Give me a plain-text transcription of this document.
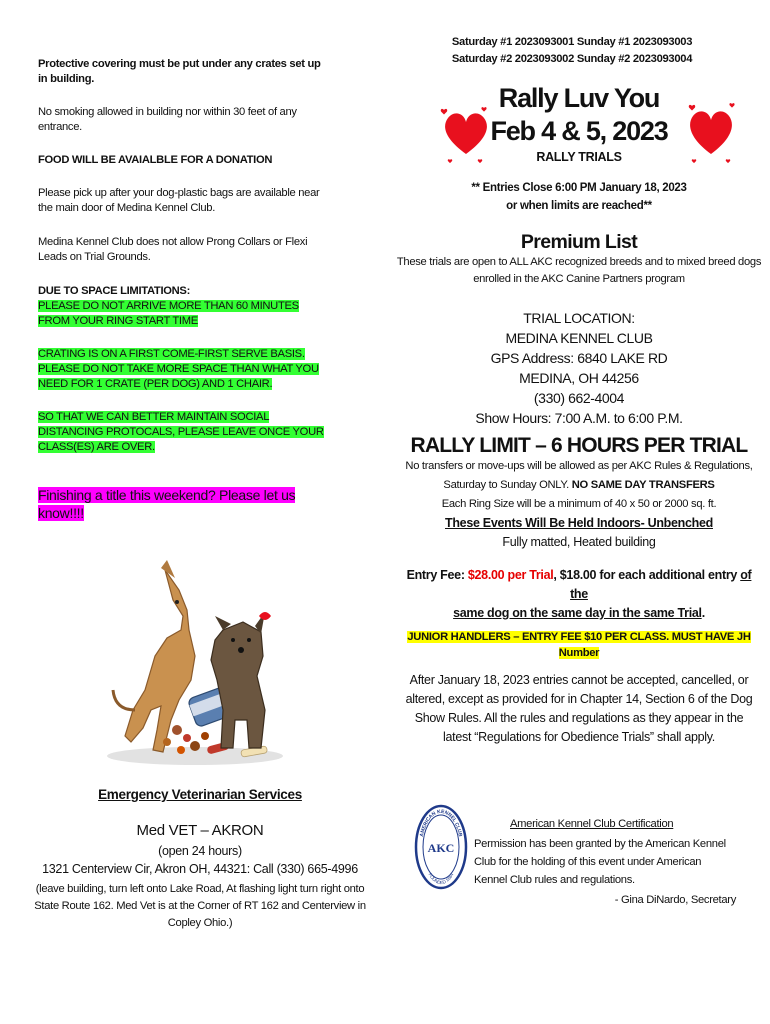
Protective covering must be put under any crates set up in building.

No smoking allowed in building nor within 30 feet of any entrance.

FOOD WILL BE AVAIALBLE FOR A DONATION

Please pick up after your dog-plastic bags are available near the main door of Medina Kennel Club.

Medina Kennel Club does not allow Prong Collars or Flexi Leads on Trial Grounds.

DUE TO SPACE LIMITATIONS:

PLEASE DO NOT ARRIVE MORE THAN 60 MINUTES FROM YOUR RING START TIME

CRATING IS ON A FIRST COME-FIRST SERVE BASIS. PLEASE DO NOT TAKE MORE SPACE THAN WHAT YOU NEED FOR 1 CRATE (PER DOG) AND 1 CHAIR.

SO THAT WE CAN BETTER MAINTAIN SOCIAL DISTANCING PROTOCALS, PLEASE LEAVE ONCE YOUR CLASS(ES) ARE OVER.

Finishing a title this weekend? Please let us know!!!!

Emergency Veterinarian Services
Med VET – AKRON
(open 24 hours)
1321 Centerview Cir, Akron OH, 44321: Call (330) 665-4996
(leave building, turn left onto Lake Road, At flashing light turn right onto State Route 162. Med Vet is at the Corner of RT 162 and Centerview in Copley Ohio.)
Saturday #1 2023093001 Sunday #1 2023093003
Saturday #2 2023093002 Sunday #2 2023093004
Rally Luv You
Feb 4 & 5, 2023
RALLY TRIALS
** Entries Close 6:00 PM January 18, 2023
or when limits are reached**
Premium List
These trials are open to ALL AKC recognized breeds and to mixed breed dogs enrolled in the AKC Canine Partners program
TRIAL LOCATION:
MEDINA KENNEL CLUB
GPS Address: 6840 LAKE RD
MEDINA, OH 44256
(330) 662-4004
Show Hours: 7:00 A.M. to 6:00 P.M.
RALLY LIMIT – 6 HOURS PER TRIAL
No transfers or move-ups will be allowed as per AKC Rules & Regulations,
Saturday to Sunday ONLY. NO SAME DAY TRANSFERS
Each Ring Size will be a minimum of 40 x 50 or 2000 sq. ft.
These Events Will Be Held Indoors- Unbenched
Fully matted, Heated building
Entry Fee: $28.00 per Trial, $18.00 for each additional entry of the
same dog on the same day in the same Trial.
JUNIOR HANDLERS – ENTRY FEE $10 PER CLASS. MUST HAVE JH Number
After January 18, 2023 entries cannot be accepted, cancelled, or altered, except as provided for in Chapter 14, Section 6 of the Dog Show Rules. All the rules and regulations as they appear in the latest “Regulations for Obedience Trials” shall apply.
AMERICAN KENNEL CLUB
FOUNDED 1884
AKC
American Kennel Club Certification
Permission has been granted by the American Kennel Club for the holding of this event under American Kennel Club rules and regulations.
- Gina DiNardo, Secretary
